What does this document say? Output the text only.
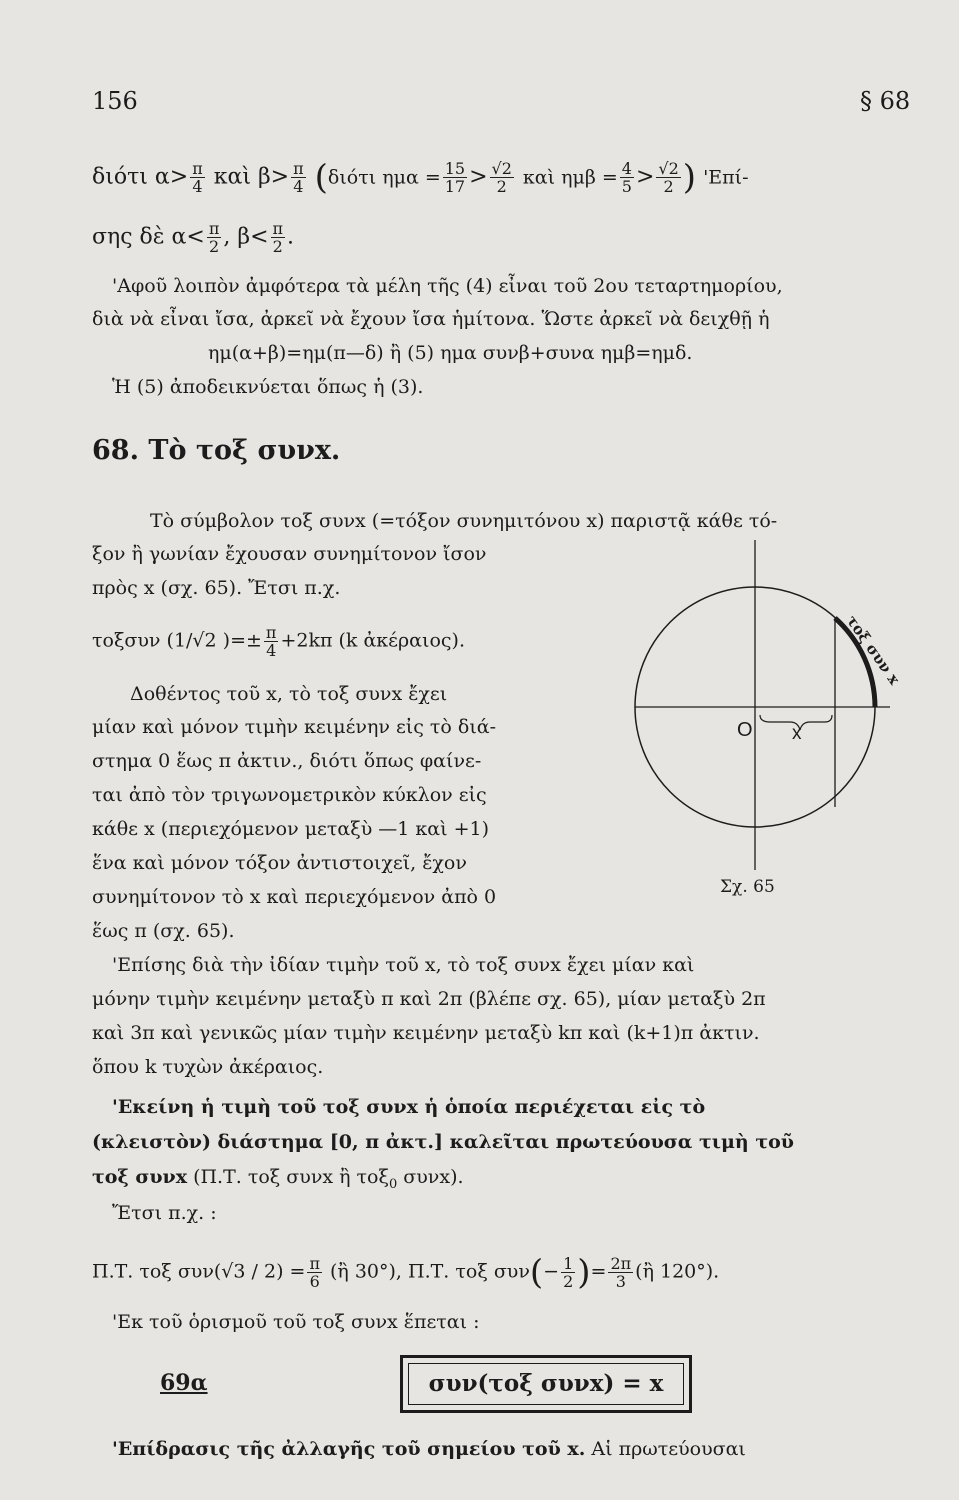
156	§ 68
διότι $\alpha> \frac{\pi}{4}$ καὶ $\beta> \frac{\pi}{4} (\delta\iota ό\tau\iota$ $\eta\mu\alpha = \frac{15}{17} > \frac{√2}{2}$ καὶ $\eta\mu\beta = \frac{4}{5} > \frac{√2}{2}$ ) 'Επί-
σης δὲ $\alpha< \frac{\pi}{2}$ , $\beta< \frac{\pi}{2}$ .
'Αφοῦ λοιπὸν ἀμφότερα τὰ μέλη τῆς (4) εἶναι τοῦ 2ου τεταρτημορίου,
διὰ νὰ εἶναι ἴσα, ἀρκεῖ νὰ ἔχουν ἴσα ἡμίτονα. Ὥστε ἀρκεῖ νὰ δειχθῇ ἡ
ημ(α+β)=ημ(π—δ) ἢ (5) ημα συνβ+συνα ημβ=ημδ.
Ἡ (5) ἀποδεικνύεται ὅπως ἡ (3).
68. Τὸ τοξ συνx.
Τὸ σύμβολον τοξ συνx (=τόξον συνημιτόνου x) παριστᾷ κάθε τό-
ξον ἢ γωνίαν ἔχουσαν συνημίτονον ἴσον
πρὸς x (σχ. 65). Ἔτσι π.χ.
τοξσυν (1/√2 )=± $\frac{\pi}{4} +2k\pi$ (k ἀκέραιος).
Δοθέντος τοῦ x, τὸ τοξ συνx ἔχει
μίαν καὶ μόνον τιμὴν κειμένην εἰς τὸ διά-
στημα 0 ἕως π ἀκτιν., διότι ὅπως φαίνε-
ται ἀπὸ τὸν τριγωνομετρικὸν κύκλον εἰς
κάθε x (περιεχόμενον μεταξὺ —1 καὶ +1)
ἕνα καὶ μόνον τόξον ἀντιστοιχεῖ, ἔχον
συνημίτονον τὸ x καὶ περιεχόμενον ἀπὸ 0
ἕως π (σχ. 65).
'Επίσης διὰ τὴν ἰδίαν τιμὴν τοῦ x, τὸ τοξ συνx ἔχει μίαν καὶ
μόνην τιμὴν κειμένην μεταξὺ π καὶ 2π (βλέπε σχ. 65), μίαν μεταξὺ 2π
καὶ 3π καὶ γενικῶς μίαν τιμὴν κειμένην μεταξὺ kπ καὶ (k+1)π ἀκτιν.
ὅπου k τυχὼν ἀκέραιος.
'Εκείνη ἡ τιμὴ τοῦ τοξ συνx ἡ ὁποία περιέχεται εἰς τὸ
(κλειστὸν) διάστημα [0, π ἀκτ.] καλεῖται πρωτεύουσα τιμὴ τοῦ
τοξ συνx (Π.Τ. τοξ συνx ἢ τοξ$_0$ συνx).
Ἔτσι π.χ. :
Π.Τ. τοξ $\sigma\upsilon\nu(√3 / 2) = \frac{\pi}{6}$ (ἢ 30°), Π.Τ. τοξ $\sigma\upsilon\nu(- \frac{1}{2}$ )= $\frac{2\pi}{3}$ (ἢ 120°).
'Εκ τοῦ ὁρισμοῦ τοῦ τοξ συνx ἕπεται :
69α	συν(τοξ συνx) = x
'Επίδρασις τῆς ἀλλαγῆς τοῦ σημείου τοῦ x. Αἱ πρωτεύουσαι
O x
τοξ συν x
Σχ. 65
